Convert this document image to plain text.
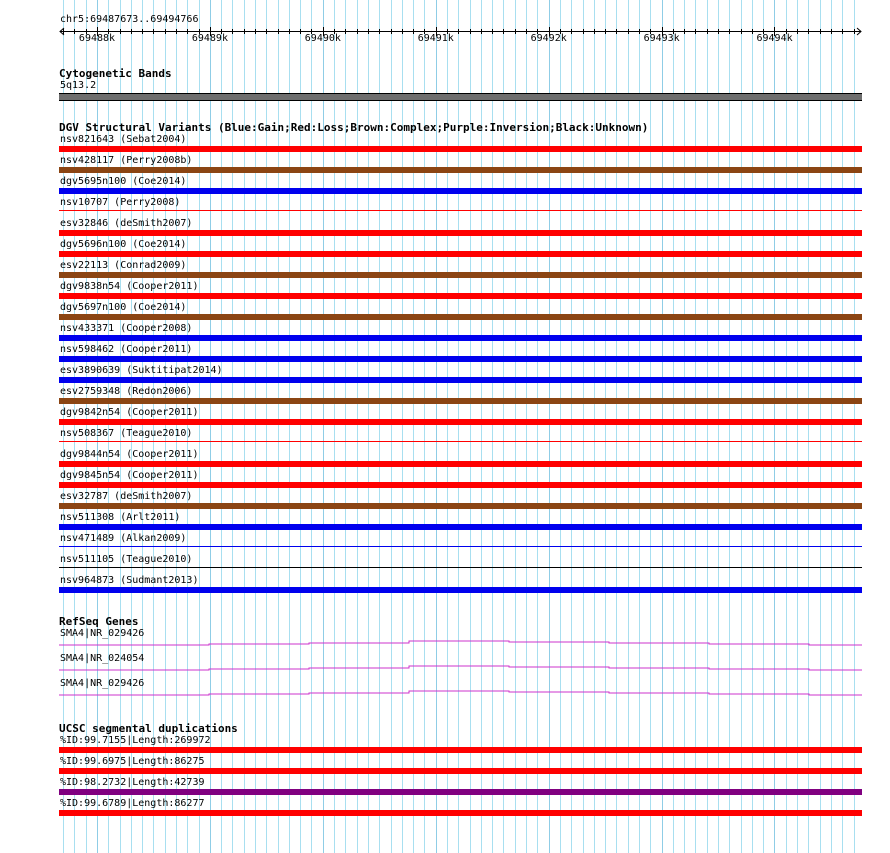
chr5:69487673..69494766
69488k	69489k	69490k	69491k	69492k	69493k	69494k
Cytogenetic Bands
5q13.2
DGV Structural Variants (Blue:Gain;Red:Loss;Brown:Complex;Purple:Inversion;Black:Unknown)
nsv821643 (Sebat2004)
nsv428117 (Perry2008b)
dgv5695n100 (Coe2014)
nsv10707 (Perry2008)
esv32846 (deSmith2007)
dgv5696n100 (Coe2014)
esv22113 (Conrad2009)
dgv9838n54 (Cooper2011)
dgv5697n100 (Coe2014)
nsv433371 (Cooper2008)
nsv598462 (Cooper2011)
esv3890639 (Suktitipat2014)
esv2759348 (Redon2006)
dgv9842n54 (Cooper2011)
nsv508367 (Teague2010)
dgv9844n54 (Cooper2011)
dgv9845n54 (Cooper2011)
esv32787 (deSmith2007)
nsv511308 (Arlt2011)
nsv471489 (Alkan2009)
nsv511105 (Teague2010)
nsv964873 (Sudmant2013)
RefSeq Genes
SMA4|NR_029426
SMA4|NR_024054
SMA4|NR_029426
UCSC segmental duplications
%ID:99.7155|Length:269972
%ID:99.6975|Length:86275
%ID:98.2732|Length:42739
%ID:99.6789|Length:86277
